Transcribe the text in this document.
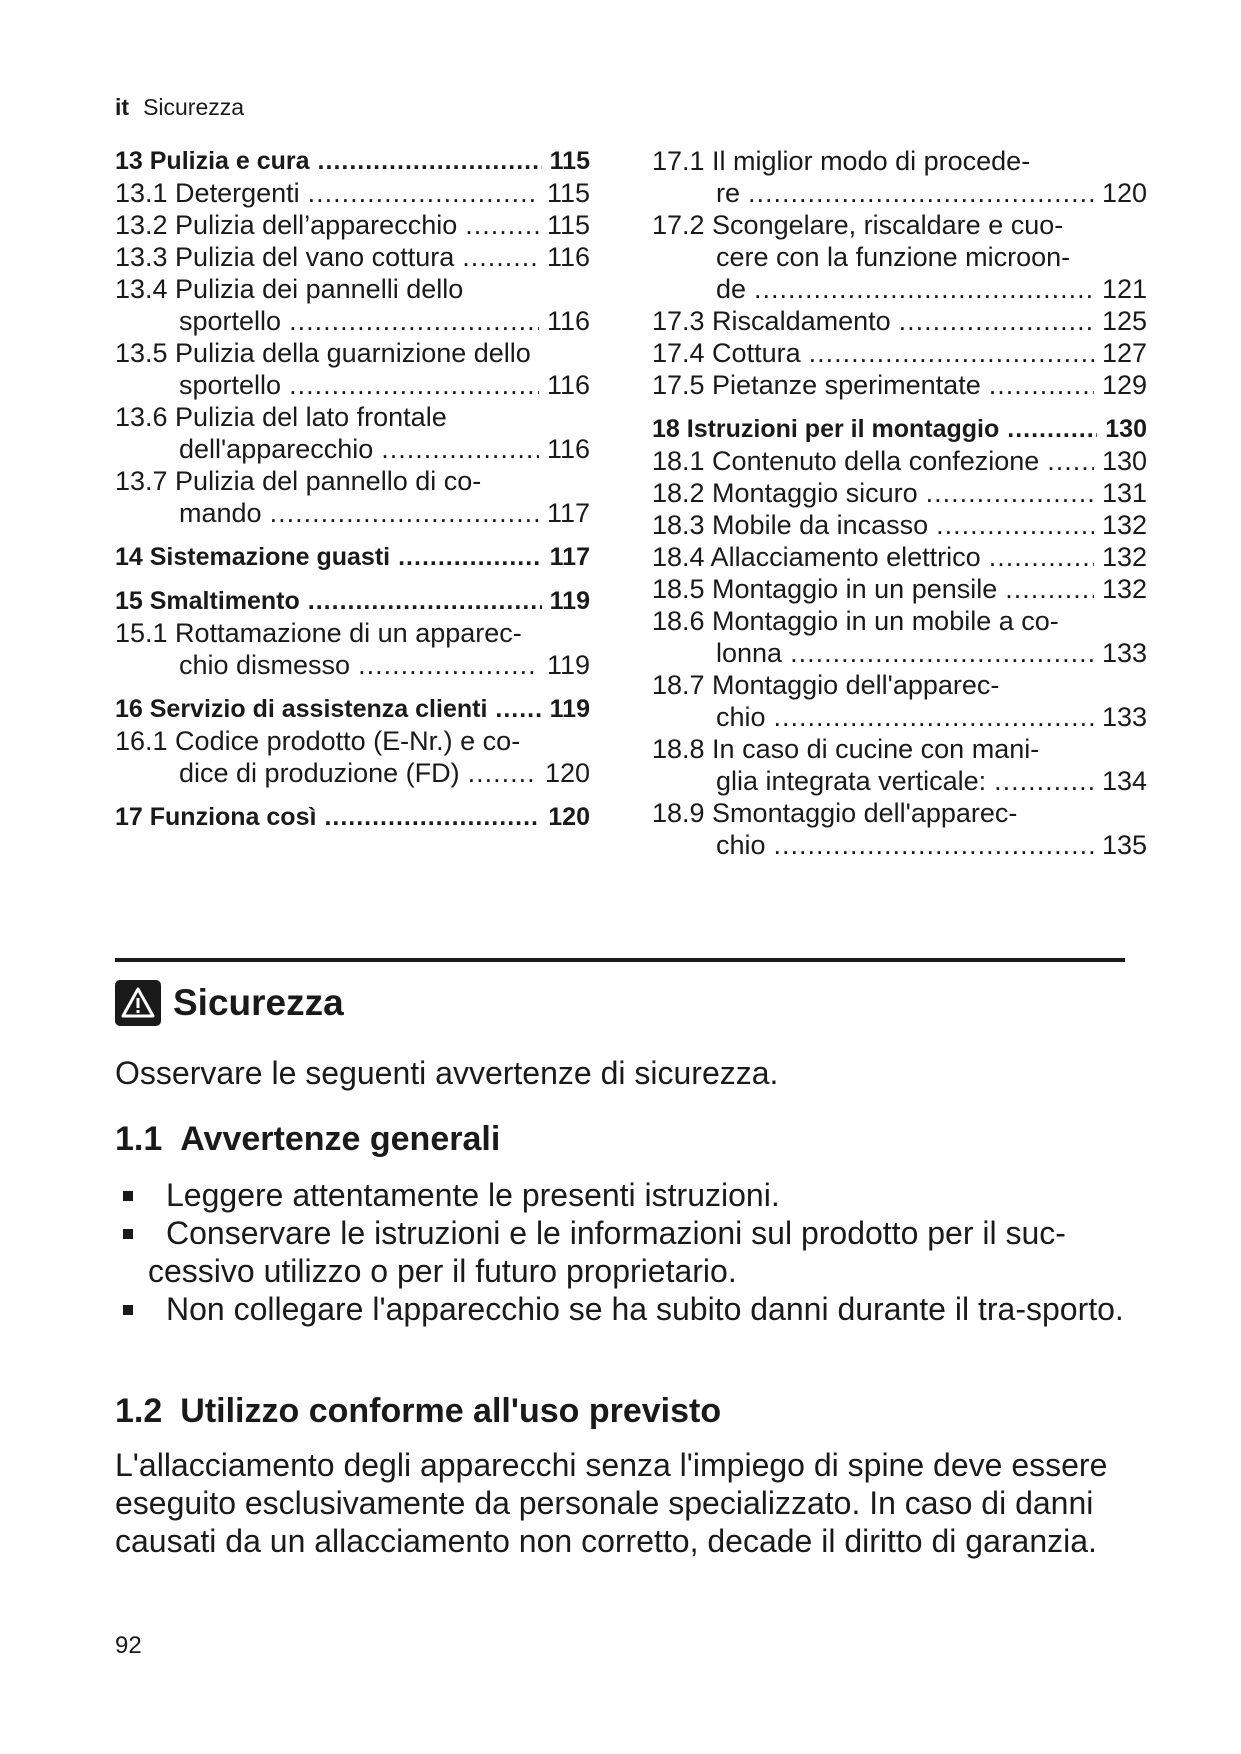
it Sicurezza
13 Pulizia e cura .....	115
13.1 Detergenti .....	115
13.2 Pulizia dell’apparecchio .....	115
13.3 Pulizia del vano cottura .....	116
13.4 Pulizia dei pannelli dello
sportello .....	116
13.5 Pulizia della guarnizione dello
sportello .....	116
13.6 Pulizia del lato frontale
dell'apparecchio .....	116
13.7 Pulizia del pannello di co-
mando .....	117
14 Sistemazione guasti .....	117
15 Smaltimento .....	119
15.1 Rottamazione di un apparec-
chio dismesso .....	119
16 Servizio di assistenza clienti ..... 119
16.1 Codice prodotto (E-Nr.) e co-
dice di produzione (FD) .....	120
17 Funziona così .....	120
17.1 Il miglior modo di procede-
re .....	120
17.2 Scongelare, riscaldare e cuo-
cere con la funzione microon-
de .....	121
17.3 Riscaldamento .....	125
17.4 Cottura .....	127
17.5 Pietanze sperimentate .....	129
18 Istruzioni per il montaggio .....	130
18.1 Contenuto della confezione ..... 130
18.2 Montaggio sicuro .....	131
18.3 Mobile da incasso .....	132
18.4 Allacciamento elettrico .....	132
18.5 Montaggio in un pensile .....	132
18.6 Montaggio in un mobile a co-
lonna .....	133
18.7 Montaggio dell'apparec-
chio .....	133
18.8 In caso di cucine con mani-
glia integrata verticale: .....	134
18.9 Smontaggio dell'apparec-
chio .....	135
Sicurezza
Osservare le seguenti avvertenze di sicurezza.
1.1 Avvertenze generali
Leggere attentamente le presenti istruzioni.
Conservare le istruzioni e le informazioni sul prodotto per il suc-cessivo utilizzo o per il futuro proprietario.
Non collegare l'apparecchio se ha subito danni durante il tra-sporto.
1.2 Utilizzo conforme all'uso previsto

L'allacciamento degli apparecchi senza l'impiego di spine deve essere eseguito esclusivamente da personale specializzato. In caso di danni causati da un allacciamento non corretto, decade il diritto di garanzia.

92
